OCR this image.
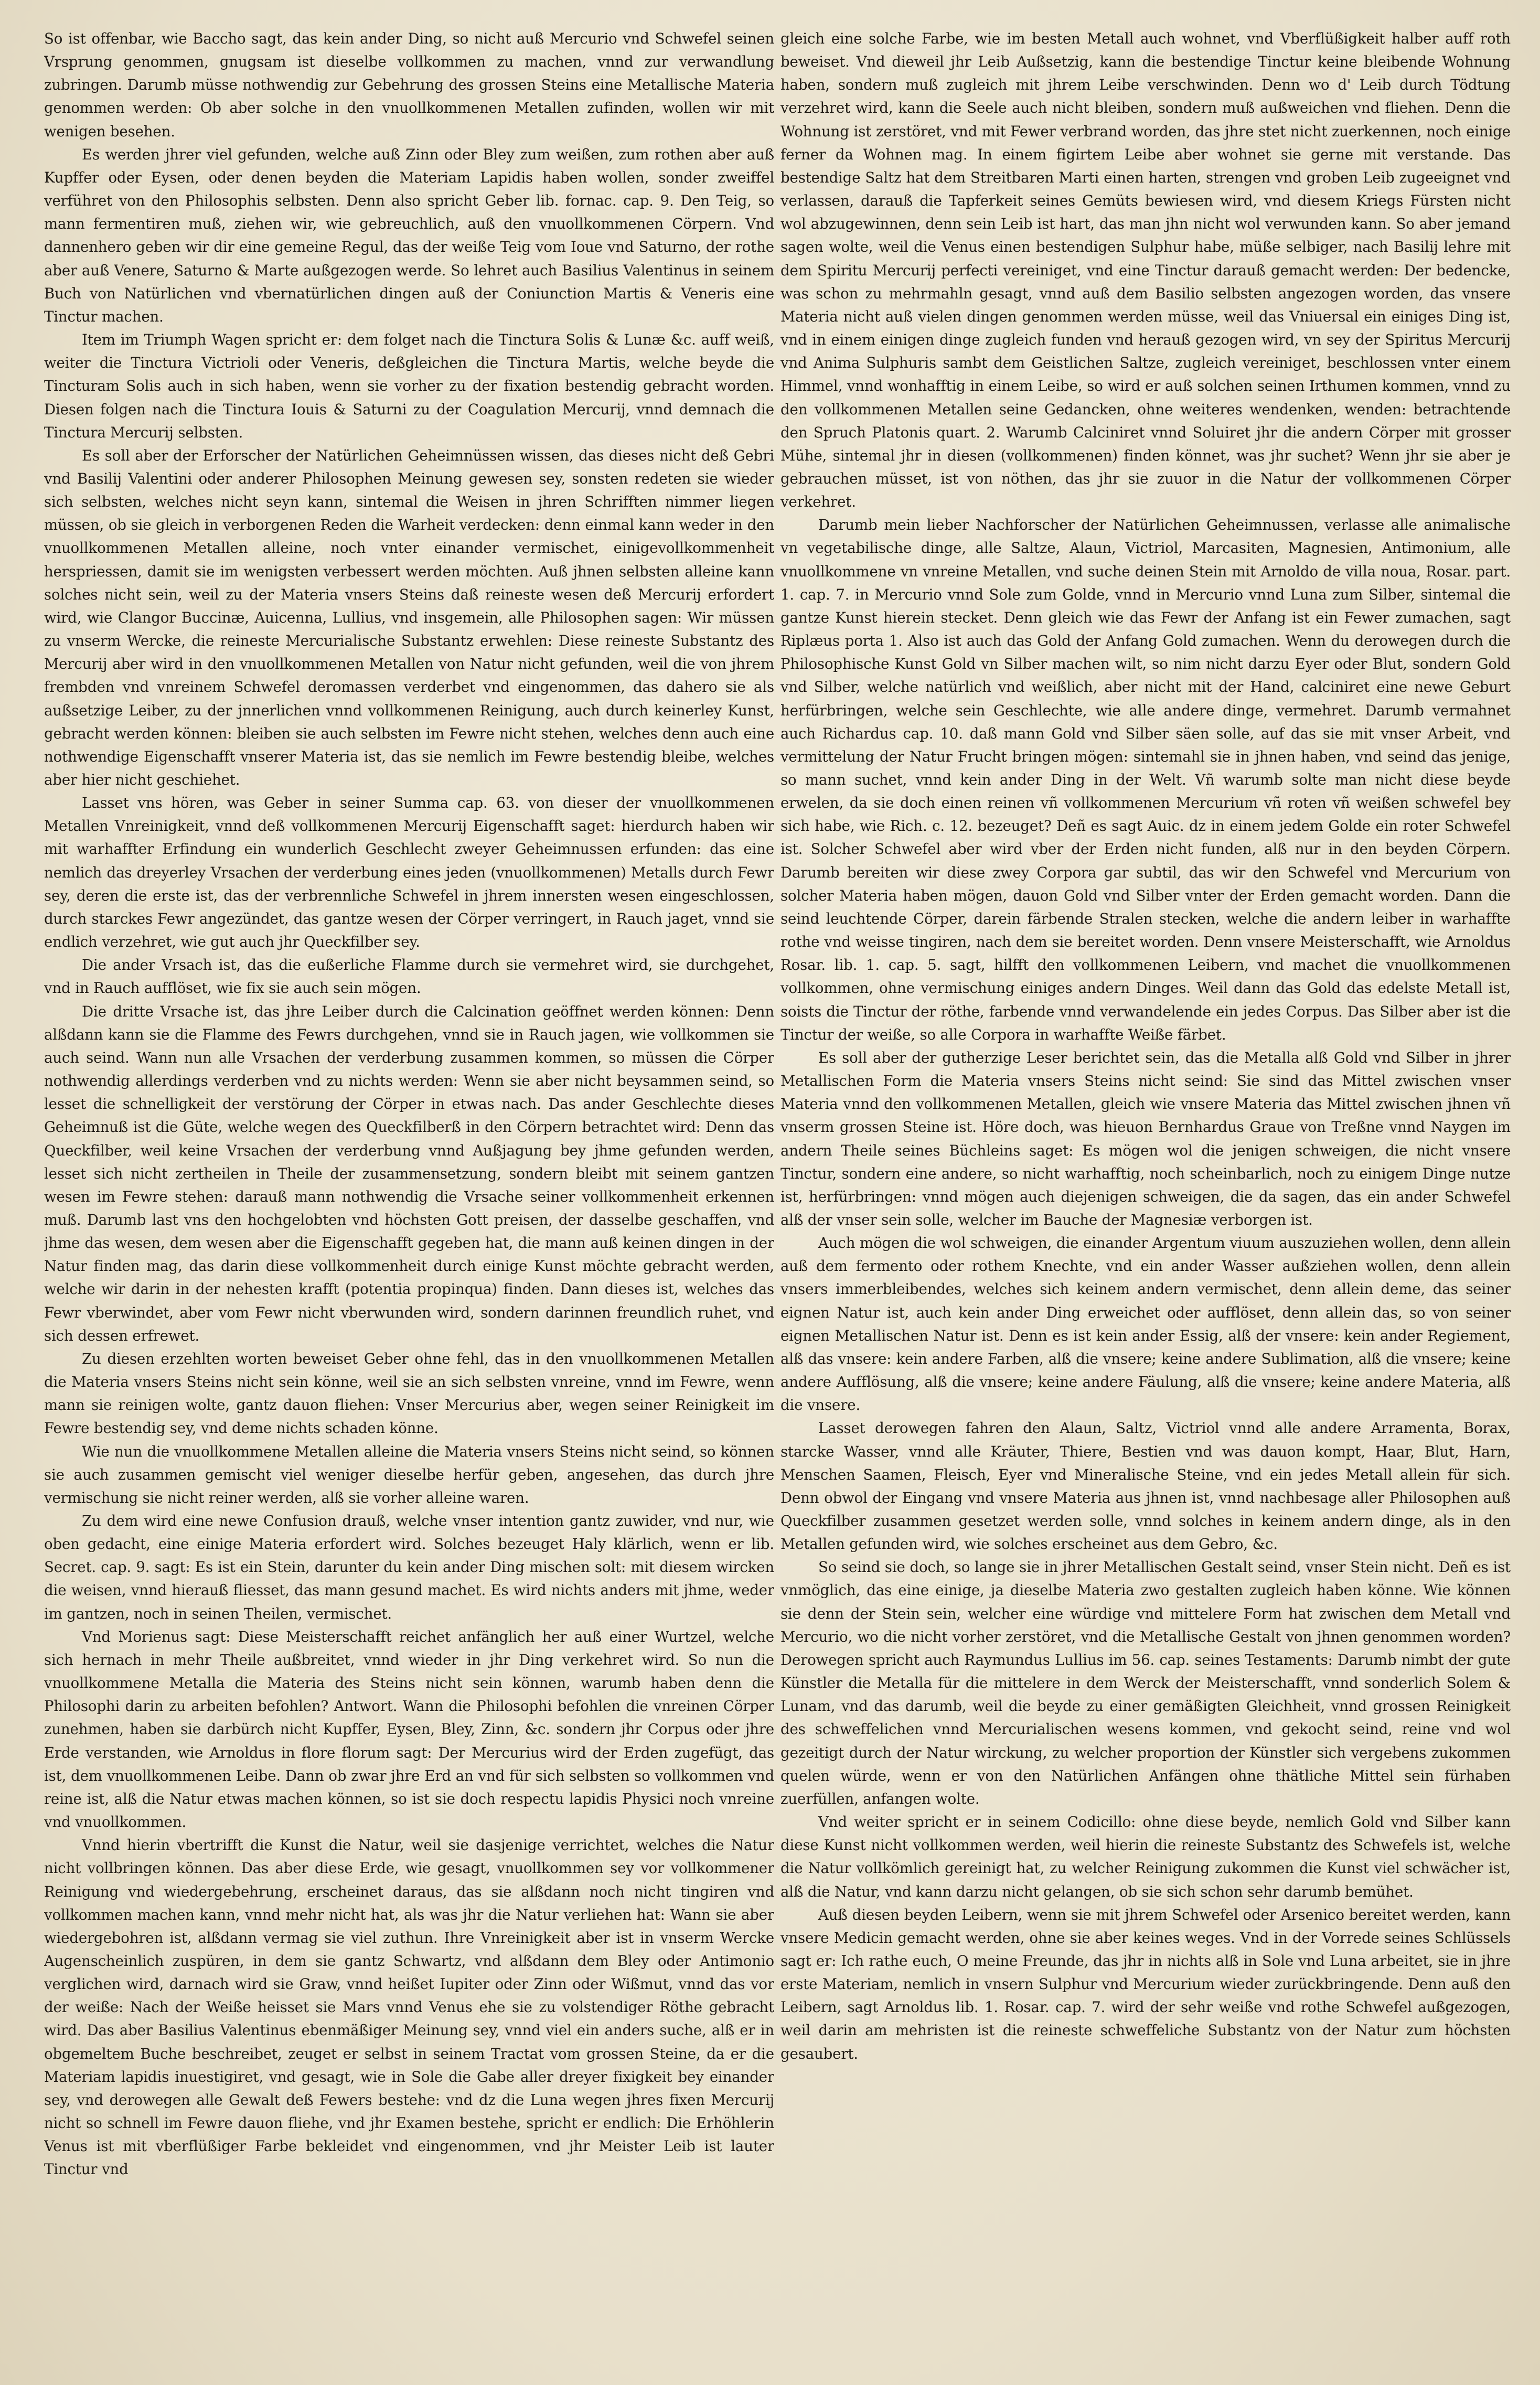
So ist offenbar, wie Baccho sagt, das kein ander Ding, so nicht auß Mercurio vnd Schwefel seinen Vrsprung genommen, gnugsam ist dieselbe vollkommen zu machen, vnnd zur verwandlung zubringen. Darumb müsse nothwendig zur Gebehrung des grossen Steins eine Metallische Materia genommen werden: Ob aber solche in den vnuollkommenen Metallen zufinden, wollen wir mit wenigen besehen.

Es werden jhrer viel gefunden, welche auß Zinn oder Bley zum weißen, zum rothen aber auß Kupffer oder Eysen, oder denen beyden die Materiam Lapidis haben wollen, sonder zweiffel verführet von den Philosophis selbsten. Denn also spricht Geber lib. fornac. cap. 9. Den Teig, so mann fermentiren muß, ziehen wir, wie gebreuchlich, auß den vnuollkommenen Cörpern. Vnd dannenhero geben wir dir eine gemeine Regul, das der weiße Teig vom Ioue vnd Saturno, der rothe aber auß Venere, Saturno & Marte außgezogen werde. So lehret auch Basilius Valentinus in seinem Buch von Natürlichen vnd vbernatürlichen dingen auß der Coniunction Martis & Veneris eine Tinctur machen.

Item im Triumph Wagen spricht er: dem folget nach die Tinctura Solis & Lunæ &c. auff weiß, weiter die Tinctura Victrioli oder Veneris, deßgleichen die Tinctura Martis, welche beyde die Tincturam Solis auch in sich haben, wenn sie vorher zu der fixation bestendig gebracht worden. Diesen folgen nach die Tinctura Iouis & Saturni zu der Coagulation Mercurij, vnnd demnach die Tinctura Mercurij selbsten.

Es soll aber der Erforscher der Natürlichen Geheimnüssen wissen, das dieses nicht deß Gebri vnd Basilij Valentini oder anderer Philosophen Meinung gewesen sey, sonsten redeten sie wieder sich selbsten, welches nicht seyn kann, sintemal die Weisen in jhren Schrifften nimmer liegen müssen, ob sie gleich in verborgenen Reden die Warheit verdecken: denn einmal kann weder in den vnuollkommenen Metallen alleine, noch vnter einander vermischet, einigevollkommenheit herspriessen, damit sie im wenigsten verbessert werden möchten. Auß jhnen selbsten alleine kann solches nicht sein, weil zu der Materia vnsers Steins daß reineste wesen deß Mercurij erfordert wird, wie Clangor Buccinæ, Auicenna, Lullius, vnd insgemein, alle Philosophen sagen: Wir müssen zu vnserm Wercke, die reineste Mercurialische Substantz erwehlen: Diese reineste Substantz des Mercurij aber wird in den vnuollkommenen Metallen von Natur nicht gefunden, weil die von jhrem frembden vnd vnreinem Schwefel deromassen verderbet vnd eingenommen, das dahero sie als außsetzige Leiber, zu der jnnerlichen vnnd vollkommenen Reinigung, auch durch keinerley Kunst, gebracht werden können: bleiben sie auch selbsten im Fewre nicht stehen, welches denn auch eine nothwendige Eigenschafft vnserer Materia ist, das sie nemlich im Fewre bestendig bleibe, welches aber hier nicht geschiehet.

Lasset vns hören, was Geber in seiner Summa cap. 63. von dieser der vnuollkommenen Metallen Vnreinigkeit, vnnd deß vollkommenen Mercurij Eigenschafft saget: hierdurch haben wir mit warhaffter Erfindung ein wunderlich Geschlecht zweyer Geheimnussen erfunden: das eine nemlich das dreyerley Vrsachen der verderbung eines jeden (vnuollkommenen) Metalls durch Fewr sey, deren die erste ist, das der verbrennliche Schwefel in jhrem innersten wesen eingeschlossen, durch starckes Fewr angezündet, das gantze wesen der Cörper verringert, in Rauch jaget, vnnd sie endlich verzehret, wie gut auch jhr Queckfilber sey.

Die ander Vrsach ist, das die eußerliche Flamme durch sie vermehret wird, sie durchgehet, vnd in Rauch aufflöset, wie fix sie auch sein mögen.

Die dritte Vrsache ist, das jhre Leiber durch die Calcination geöffnet werden können: Denn alßdann kann sie die Flamme des Fewrs durchgehen, vnnd sie in Rauch jagen, wie vollkommen sie auch seind. Wann nun alle Vrsachen der verderbung zusammen kommen, so müssen die Cörper nothwendig allerdings verderben vnd zu nichts werden: Wenn sie aber nicht beysammen seind, so lesset die schnelligkeit der verstörung der Cörper in etwas nach. Das ander Geschlechte dieses Geheimnuß ist die Güte, welche wegen des Queckfilberß in den Cörpern betrachtet wird: Denn das Queckfilber, weil keine Vrsachen der verderbung vnnd Außjagung bey jhme gefunden werden, lesset sich nicht zertheilen in Theile der zusammensetzung, sondern bleibt mit seinem gantzen wesen im Fewre stehen: darauß mann nothwendig die Vrsache seiner vollkommenheit erkennen muß. Darumb last vns den hochgelobten vnd höchsten Gott preisen, der dasselbe geschaffen, vnd jhme das wesen, dem wesen aber die Eigenschafft gegeben hat, die mann auß keinen dingen in der Natur finden mag, das darin diese vollkommenheit durch einige Kunst möchte gebracht werden, welche wir darin in der nehesten krafft (potentia propinqua) finden. Dann dieses ist, welches das Fewr vberwindet, aber vom Fewr nicht vberwunden wird, sondern darinnen freundlich ruhet, vnd sich dessen erfrewet.

Zu diesen erzehlten worten beweiset Geber ohne fehl, das in den vnuollkommenen Metallen die Materia vnsers Steins nicht sein könne, weil sie an sich selbsten vnreine, vnnd im Fewre, wenn mann sie reinigen wolte, gantz dauon fliehen: Vnser Mercurius aber, wegen seiner Reinigkeit im Fewre bestendig sey, vnd deme nichts schaden könne.

Wie nun die vnuollkommene Metallen alleine die Materia vnsers Steins nicht seind, so können sie auch zusammen gemischt viel weniger dieselbe herfür geben, angesehen, das durch jhre vermischung sie nicht reiner werden, alß sie vorher alleine waren.

Zu dem wird eine newe Confusion drauß, welche vnser intention gantz zuwider, vnd nur, wie oben gedacht, eine einige Materia erfordert wird. Solches bezeuget Haly klärlich, wenn er lib. Secret. cap. 9. sagt: Es ist ein Stein, darunter du kein ander Ding mischen solt: mit diesem wircken die weisen, vnnd hierauß fliesset, das mann gesund machet. Es wird nichts anders mit jhme, weder im gantzen, noch in seinen Theilen, vermischet.

Vnd Morienus sagt: Diese Meisterschafft reichet anfänglich her auß einer Wurtzel, welche sich hernach in mehr Theile außbreitet, vnnd wieder in jhr Ding verkehret wird. So nun die vnuollkommene Metalla die Materia des Steins nicht sein können, warumb haben denn die Philosophi darin zu arbeiten befohlen? Antwort. Wann die Philosophi befohlen die vnreinen Cörper zunehmen, haben sie darbürch nicht Kupffer, Eysen, Bley, Zinn, &c. sondern jhr Corpus oder jhre Erde verstanden, wie Arnoldus in flore florum sagt: Der Mercurius wird der Erden zugefügt, das ist, dem vnuollkommenen Leibe. Dann ob zwar jhre Erd an vnd für sich selbsten so vollkommen vnd reine ist, alß die Natur etwas machen können, so ist sie doch respectu lapidis Physici noch vnreine vnd vnuollkommen.

Vnnd hierin vbertrifft die Kunst die Natur, weil sie dasjenige verrichtet, welches die Natur nicht vollbringen können. Das aber diese Erde, wie gesagt, vnuollkommen sey vor vollkommener Reinigung vnd wiedergebehrung, erscheinet daraus, das sie alßdann noch nicht tingiren vnd vollkommen machen kann, vnnd mehr nicht hat, als was jhr die Natur verliehen hat: Wann sie aber wiedergebohren ist, alßdann vermag sie viel zuthun. Ihre Vnreinigkeit aber ist in vnserm Wercke Augenscheinlich zuspüren, in dem sie gantz Schwartz, vnd alßdann dem Bley oder Antimonio verglichen wird, darnach wird sie Graw, vnnd heißet Iupiter oder Zinn oder Wißmut, vnnd das vor der weiße: Nach der Weiße heisset sie Mars vnnd Venus ehe sie zu volstendiger Röthe gebracht wird. Das aber Basilius Valentinus ebenmäßiger Meinung sey, vnnd viel ein anders suche, alß er in obgemeltem Buche beschreibet, zeuget er selbst in seinem Tractat vom grossen Steine, da er die Materiam lapidis inuestigiret, vnd gesagt, wie in Sole die Gabe aller dreyer fixigkeit bey einander sey, vnd derowegen alle Gewalt deß Fewers bestehe: vnd dz die Luna wegen jhres fixen Mercurij nicht so schnell im Fewre dauon fliehe, vnd jhr Examen bestehe, spricht er endlich: Die Erhöhlerin Venus ist mit vberflüßiger Farbe bekleidet vnd eingenommen, vnd jhr Meister Leib ist lauter Tinctur vnd

gleich eine solche Farbe, wie im besten Metall auch wohnet, vnd Vberflüßigkeit halber auff roth beweiset. Vnd dieweil jhr Leib Außsetzig, kann die bestendige Tinctur keine bleibende Wohnung haben, sondern muß zugleich mit jhrem Leibe verschwinden. Denn wo d' Leib durch Tödtung verzehret wird, kann die Seele auch nicht bleiben, sondern muß außweichen vnd fliehen. Denn die Wohnung ist zerstöret, vnd mit Fewer verbrand worden, das jhre stet nicht zuerkennen, noch einige ferner da Wohnen mag. In einem figirtem Leibe aber wohnet sie gerne mit verstande. Das bestendige Saltz hat dem Streitbaren Marti einen harten, strengen vnd groben Leib zugeeignet vnd verlassen, darauß die Tapferkeit seines Gemüts bewiesen wird, vnd diesem Kriegs Fürsten nicht wol abzugewinnen, denn sein Leib ist hart, das man jhn nicht wol verwunden kann. So aber jemand sagen wolte, weil die Venus einen bestendigen Sulphur habe, müße selbiger, nach Basilij lehre mit dem Spiritu Mercurij perfecti vereiniget, vnd eine Tinctur darauß gemacht werden: Der bedencke, was schon zu mehrmahln gesagt, vnnd auß dem Basilio selbsten angezogen worden, das vnsere Materia nicht auß vielen dingen genommen werden müsse, weil das Vniuersal ein einiges Ding ist, vnd in einem einigen dinge zugleich funden vnd herauß gezogen wird, vn sey der Spiritus Mercurij vnd Anima Sulphuris sambt dem Geistlichen Saltze, zugleich vereiniget, beschlossen vnter einem Himmel, vnnd wonhafftig in einem Leibe, so wird er auß solchen seinen Irthumen kommen, vnnd zu den vollkommenen Metallen seine Gedancken, ohne weiteres wendenken, wenden: betrachtende den Spruch Platonis quart. 2. Warumb Calciniret vnnd Soluiret jhr die andern Cörper mit grosser Mühe, sintemal jhr in diesen (vollkommenen) finden könnet, was jhr suchet? Wenn jhr sie aber je gebrauchen müsset, ist von nöthen, das jhr sie zuuor in die Natur der vollkommenen Cörper verkehret.

Darumb mein lieber Nachforscher der Natürlichen Geheimnussen, verlasse alle animalische vn vegetabilische dinge, alle Saltze, Alaun, Victriol, Marcasiten, Magnesien, Antimonium, alle vnuollkommene vn vnreine Metallen, vnd suche deinen Stein mit Arnoldo de villa noua, Rosar. part. 1. cap. 7. in Mercurio vnnd Sole zum Golde, vnnd in Mercurio vnnd Luna zum Silber, sintemal die gantze Kunst hierein stecket. Denn gleich wie das Fewr der Anfang ist ein Fewer zumachen, sagt Riplæus porta 1. Also ist auch das Gold der Anfang Gold zumachen. Wenn du derowegen durch die Philosophische Kunst Gold vn Silber machen wilt, so nim nicht darzu Eyer oder Blut, sondern Gold vnd Silber, welche natürlich vnd weißlich, aber nicht mit der Hand, calciniret eine newe Geburt herfürbringen, welche sein Geschlechte, wie alle andere dinge, vermehret. Darumb vermahnet auch Richardus cap. 10. daß mann Gold vnd Silber säen solle, auf das sie mit vnser Arbeit, vnd vermittelung der Natur Frucht bringen mögen: sintemahl sie in jhnen haben, vnd seind das jenige, so mann suchet, vnnd kein ander Ding in der Welt. Vñ warumb solte man nicht diese beyde erwelen, da sie doch einen reinen vñ vollkommenen Mercurium vñ roten vñ weißen schwefel bey sich habe, wie Rich. c. 12. bezeuget? Deñ es sagt Auic. dz in einem jedem Golde ein roter Schwefel ist. Solcher Schwefel aber wird vber der Erden nicht funden, alß nur in den beyden Cörpern. Darumb bereiten wir diese zwey Corpora gar subtil, das wir den Schwefel vnd Mercurium von solcher Materia haben mögen, dauon Gold vnd Silber vnter der Erden gemacht worden. Dann die seind leuchtende Cörper, darein färbende Stralen stecken, welche die andern leiber in warhaffte rothe vnd weisse tingiren, nach dem sie bereitet worden. Denn vnsere Meisterschafft, wie Arnoldus Rosar. lib. 1. cap. 5. sagt, hilfft den vollkommenen Leibern, vnd machet die vnuollkommenen vollkommen, ohne vermischung einiges andern Dinges. Weil dann das Gold das edelste Metall ist, soists die Tinctur der röthe, farbende vnnd verwandelende ein jedes Corpus. Das Silber aber ist die Tinctur der weiße, so alle Corpora in warhaffte Weiße färbet.

Es soll aber der gutherzige Leser berichtet sein, das die Metalla alß Gold vnd Silber in jhrer Metallischen Form die Materia vnsers Steins nicht seind: Sie sind das Mittel zwischen vnser Materia vnnd den vollkommenen Metallen, gleich wie vnsere Materia das Mittel zwischen jhnen vñ vnserm grossen Steine ist. Höre doch, was hieuon Bernhardus Graue von Treßne vnnd Naygen im andern Theile seines Büchleins saget: Es mögen wol die jenigen schweigen, die nicht vnsere Tinctur, sondern eine andere, so nicht warhafftig, noch scheinbarlich, noch zu einigem Dinge nutze ist, herfürbringen: vnnd mögen auch diejenigen schweigen, die da sagen, das ein ander Schwefel alß der vnser sein solle, welcher im Bauche der Magnesiæ verborgen ist.

Auch mögen die wol schweigen, die einander Argentum viuum auszuziehen wollen, denn allein auß dem fermento oder rothem Knechte, vnd ein ander Wasser außziehen wollen, denn allein vnsers immerbleibendes, welches sich keinem andern vermischet, denn allein deme, das seiner eignen Natur ist, auch kein ander Ding erweichet oder aufflöset, denn allein das, so von seiner eignen Metallischen Natur ist. Denn es ist kein ander Essig, alß der vnsere: kein ander Regiement, alß das vnsere: kein andere Farben, alß die vnsere; keine andere Sublimation, alß die vnsere; keine andere Aufflösung, alß die vnsere; keine andere Fäulung, alß die vnsere; keine andere Materia, alß die vnsere.

Lasset derowegen fahren den Alaun, Saltz, Victriol vnnd alle andere Arramenta, Borax, starcke Wasser, vnnd alle Kräuter, Thiere, Bestien vnd was dauon kompt, Haar, Blut, Harn, Menschen Saamen, Fleisch, Eyer vnd Mineralische Steine, vnd ein jedes Metall allein für sich. Denn obwol der Eingang vnd vnsere Materia aus jhnen ist, vnnd nachbesage aller Philosophen auß Queckfilber zusammen gesetzet werden solle, vnnd solches in keinem andern dinge, als in den Metallen gefunden wird, wie solches erscheinet aus dem Gebro, &c.

So seind sie doch, so lange sie in jhrer Metallischen Gestalt seind, vnser Stein nicht. Deñ es ist vnmöglich, das eine einige, ja dieselbe Materia zwo gestalten zugleich haben könne. Wie können sie denn der Stein sein, welcher eine würdige vnd mittelere Form hat zwischen dem Metall vnd Mercurio, wo die nicht vorher zerstöret, vnd die Metallische Gestalt von jhnen genommen worden? Derowegen spricht auch Raymundus Lullius im 56. cap. seines Testaments: Darumb nimbt der gute Künstler die Metalla für die mittelere in dem Werck der Meisterschafft, vnnd sonderlich Solem & Lunam, vnd das darumb, weil die beyde zu einer gemäßigten Gleichheit, vnnd grossen Reinigkeit des schweffelichen vnnd Mercurialischen wesens kommen, vnd gekocht seind, reine vnd wol gezeitigt durch der Natur wirckung, zu welcher proportion der Künstler sich vergebens zukommen quelen würde, wenn er von den Natürlichen Anfängen ohne thätliche Mittel sein fürhaben zuerfüllen, anfangen wolte.

Vnd weiter spricht er in seinem Codicillo: ohne diese beyde, nemlich Gold vnd Silber kann diese Kunst nicht vollkommen werden, weil hierin die reineste Substantz des Schwefels ist, welche die Natur vollkömlich gereinigt hat, zu welcher Reinigung zukommen die Kunst viel schwächer ist, alß die Natur, vnd kann darzu nicht gelangen, ob sie sich schon sehr darumb bemühet.

Auß diesen beyden Leibern, wenn sie mit jhrem Schwefel oder Arsenico bereitet werden, kann vnsere Medicin gemacht werden, ohne sie aber keines weges. Vnd in der Vorrede seines Schlüssels sagt er: Ich rathe euch, O meine Freunde, das jhr in nichts alß in Sole vnd Luna arbeitet, sie in jhre erste Materiam, nemlich in vnsern Sulphur vnd Mercurium wieder zurückbringende. Denn auß den Leibern, sagt Arnoldus lib. 1. Rosar. cap. 7. wird der sehr weiße vnd rothe Schwefel außgezogen, weil darin am mehristen ist die reineste schweffeliche Substantz von der Natur zum höchsten gesaubert.
